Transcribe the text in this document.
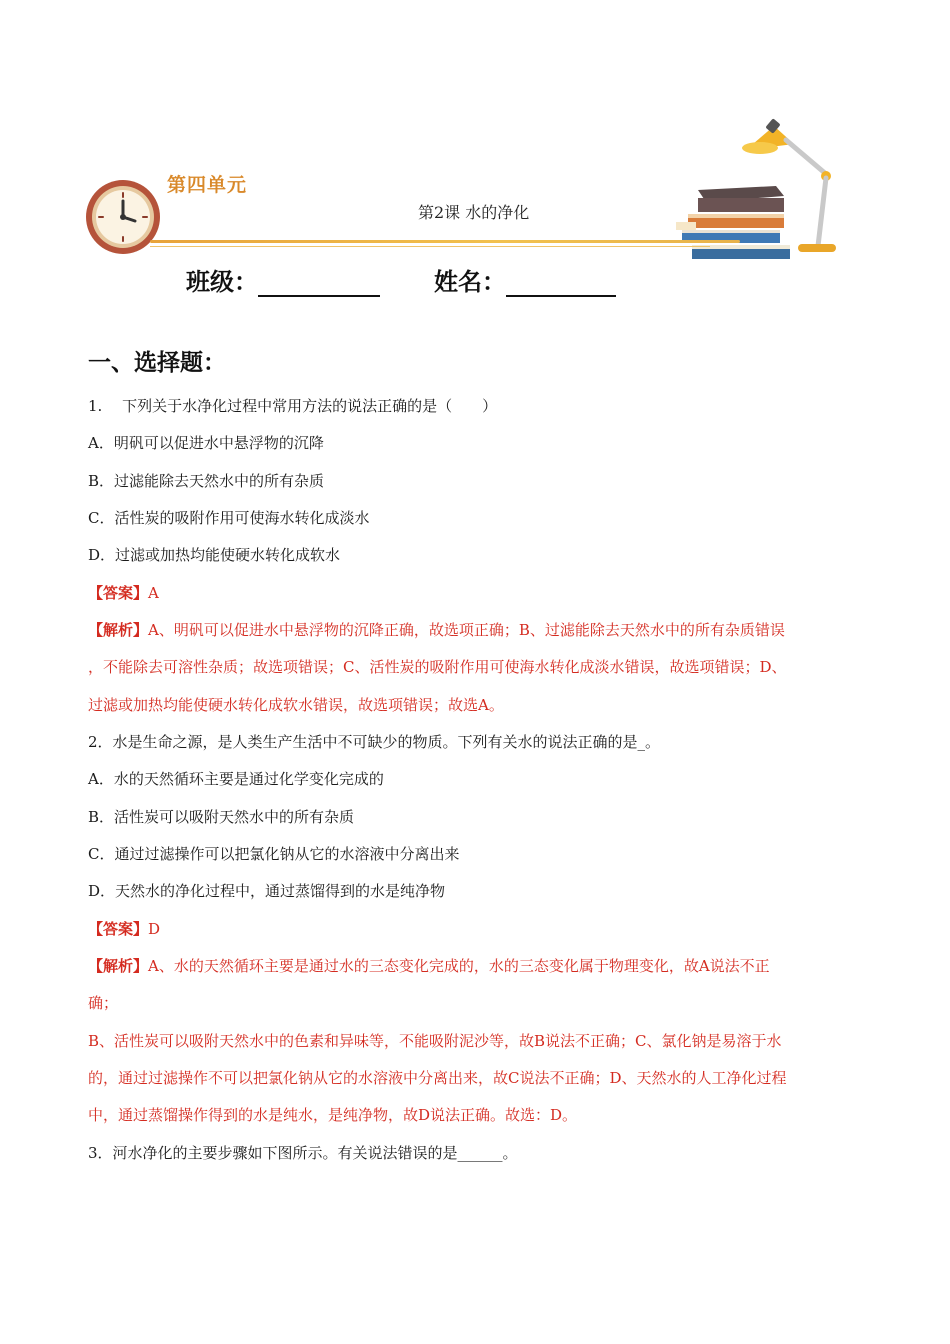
第四单元
第2课 水的净化
班级：	姓名：
一、选择题：
1.　 下列关于水净化过程中常用方法的说法正确的是（　　）
A．明矾可以促进水中悬浮物的沉降
B．过滤能除去天然水中的所有杂质
C．活性炭的吸附作用可使海水转化成淡水
D．过滤或加热均能使硬水转化成软水
【答案】A
【解析】A、明矾可以促进水中悬浮物的沉降正确，故选项正确；B、过滤能除去天然水中的所有杂质错误
，不能除去可溶性杂质；故选项错误；C、活性炭的吸附作用可使海水转化成淡水错误，故选项错误；D、
过滤或加热均能使硬水转化成软水错误，故选项错误；故选A。
2．水是生命之源，是人类生产生活中不可缺少的物质。下列有关水的说法正确的是_。
A．水的天然循环主要是通过化学变化完成的
B．活性炭可以吸附天然水中的所有杂质
C．通过过滤操作可以把氯化钠从它的水溶液中分离出来
D．天然水的净化过程中，通过蒸馏得到的水是纯净物
【答案】D
【解析】A、水的天然循环主要是通过水的三态变化完成的，水的三态变化属于物理变化，故A说法不正
确；
B、活性炭可以吸附天然水中的色素和异味等，不能吸附泥沙等，故B说法不正确；C、氯化钠是易溶于水
的，通过过滤操作不可以把氯化钠从它的水溶液中分离出来，故C说法不正确；D、天然水的人工净化过程
中，通过蒸馏操作得到的水是纯水，是纯净物，故D说法正确。故选：D。
3．河水净化的主要步骤如下图所示。有关说法错误的是______。
